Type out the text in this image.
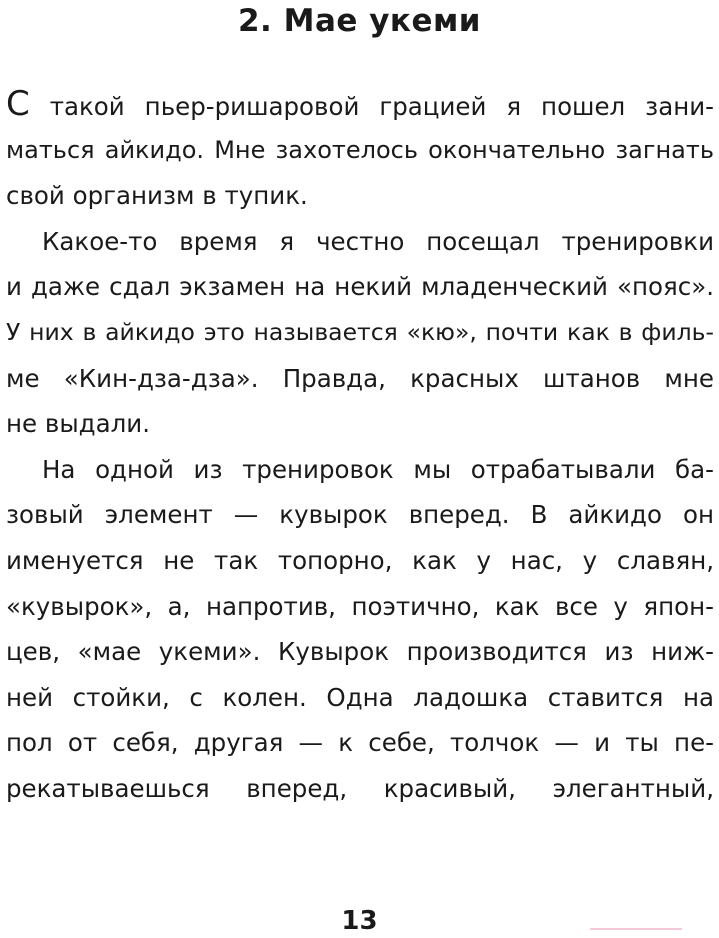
2. Мае укеми

С такой пьер-ришаровой грацией я пошел зани-
маться айкидо. Мне захотелось окончательно загнать
свой организм в тупик.

Какое-то время я честно посещал тренировки
и даже сдал экзамен на некий младенческий «пояс».
У них в айкидо это называется «кю», почти как в филь-
ме «Кин-дза-дза». Правда, красных штанов мне
не выдали.

На одной из тренировок мы отрабатывали ба-
зовый элемент — кувырок вперед. В айкидо он
именуется не так топорно, как у нас, у славян,
«кувырок», а, напротив, поэтично, как все у япон-
цев, «мае укеми». Кувырок производится из ниж-
ней стойки, с колен. Одна ладошка ставится на
пол от себя, другая — к себе, толчок — и ты пе-
рекатываешься вперед, красивый, элегантный,

13
